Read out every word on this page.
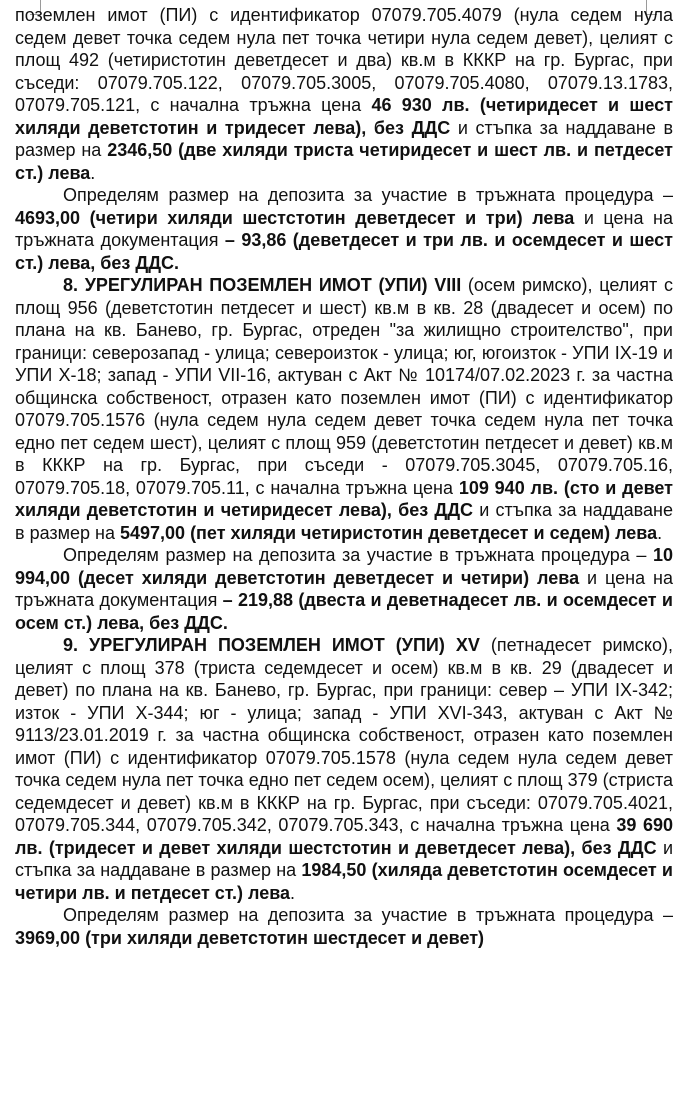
поземлен имот (ПИ) с идентификатор 07079.705.4079 (нула седем нула седем девет точка седем нула пет точка четири нула седем девет), целият с площ 492 (четиристотин деветдесет и два) кв.м в КККР на гр. Бургас, при съседи: 07079.705.122, 07079.705.3005, 07079.705.4080, 07079.13.1783, 07079.705.121, с начална тръжна цена 46 930 лв. (четиридесет и шест хиляди деветстотин и тридесет лева), без ДДС и стъпка за наддаване в размер на 2346,50 (две хиляди триста четиридесет и шест лв. и петдесет ст.) лева.

Определям размер на депозита за участие в тръжната процедура – 4693,00 (четири хиляди шестстотин деветдесет и три) лева и цена на тръжната документация – 93,86 (деветдесет и три лв. и осемдесет и шест ст.) лева, без ДДС.

8. УРЕГУЛИРАН ПОЗЕМЛЕН ИМОТ (УПИ) VIII (осем римско), целият с площ 956 (деветстотин петдесет и шест) кв.м в кв. 28 (двадесет и осем) по плана на кв. Банево, гр. Бургас, отреден "за жилищно строителство", при граници: северозапад - улица; североизток - улица; юг, югоизток - УПИ IX-19 и УПИ X-18; запад - УПИ VII-16, актуван с Акт № 10174/07.02.2023 г. за частна общинска собственост, отразен като поземлен имот (ПИ) с идентификатор 07079.705.1576 (нула седем нула седем девет точка седем нула пет точка едно пет седем шест), целият с площ 959 (деветстотин петдесет и девет) кв.м в КККР на гр. Бургас, при съседи - 07079.705.3045, 07079.705.16, 07079.705.18, 07079.705.11, с начална тръжна цена 109 940 лв. (сто и девет хиляди деветстотин и четиридесет лева), без ДДС и стъпка за наддаване в размер на 5497,00 (пет хиляди четиристотин деветдесет и седем) лева.

Определям размер на депозита за участие в тръжната процедура – 10 994,00 (десет хиляди деветстотин деветдесет и четири) лева и цена на тръжната документация – 219,88 (двеста и деветнадесет лв. и осемдесет и осем ст.) лева, без ДДС.

9. УРЕГУЛИРАН ПОЗЕМЛЕН ИМОТ (УПИ) XV (петнадесет римско), целият с площ 378 (триста седемдесет и осем) кв.м в кв. 29 (двадесет и девет) по плана на кв. Банево, гр. Бургас, при граници: север – УПИ IX-342; изток - УПИ X-344; юг - улица; запад - УПИ XVI-343, актуван с Акт № 9113/23.01.2019 г. за частна общинска собственост, отразен като поземлен имот (ПИ) с идентификатор 07079.705.1578 (нула седем нула седем девет точка седем нула пет точка едно пет седем осем), целият с площ 379 (стриста седемдесет и девет) кв.м в КККР на гр. Бургас, при съседи: 07079.705.4021, 07079.705.344, 07079.705.342, 07079.705.343, с начална тръжна цена 39 690 лв. (тридесет и девет хиляди шестстотин и деветдесет лева), без ДДС и стъпка за наддаване в размер на 1984,50 (хиляда деветстотин осемдесет и четири лв. и петдесет ст.) лева.

Определям размер на депозита за участие в тръжната процедура – 3969,00 (три хиляди деветстотин шестдесет и девет)
